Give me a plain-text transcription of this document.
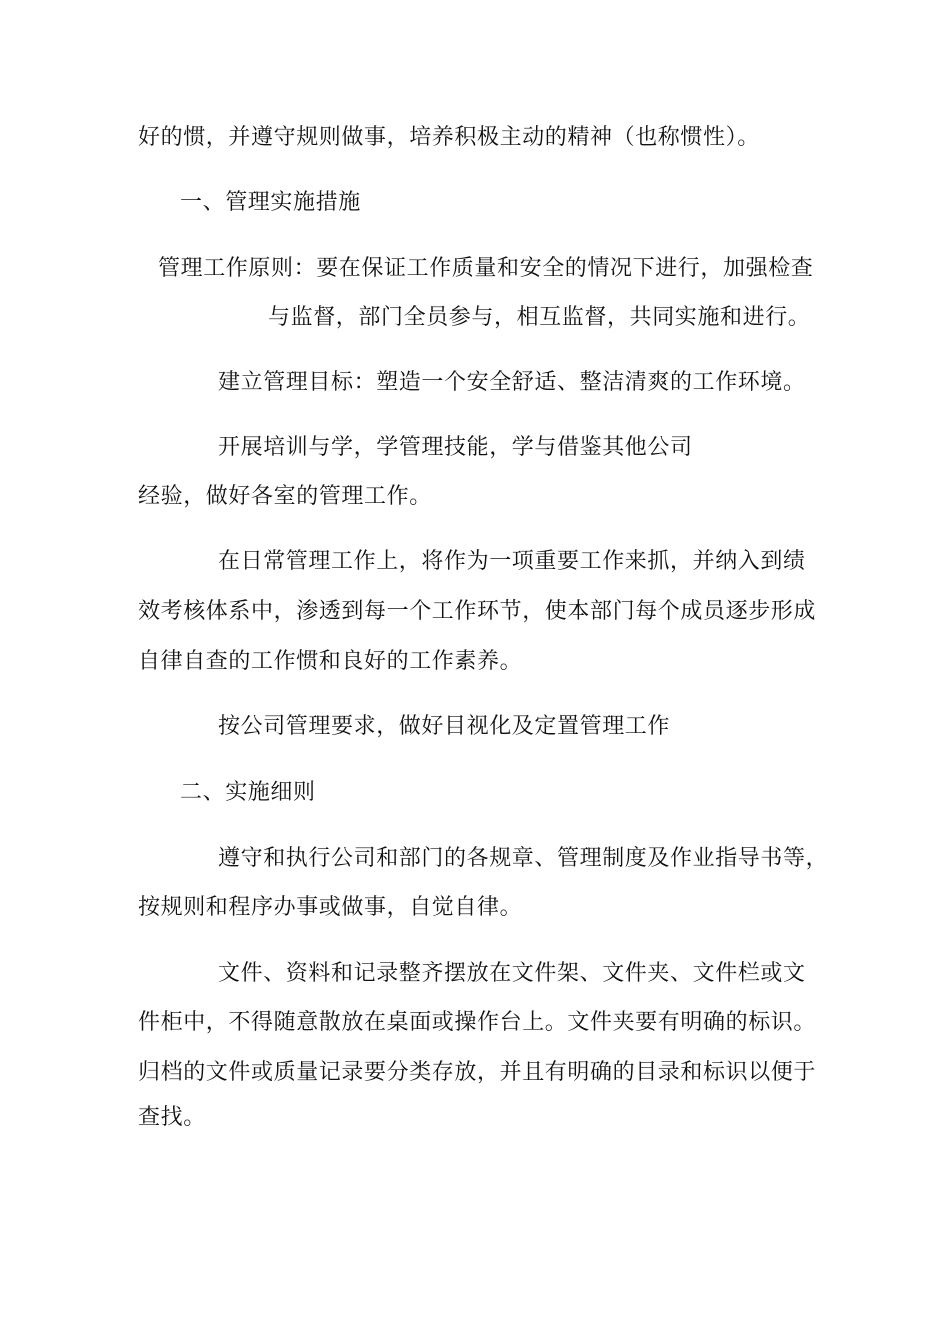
好的惯，并遵守规则做事，培养积极主动的精神（也称惯性）。
一、管理实施措施
管理工作原则：要在保证工作质量和安全的情况下进行，加强检查
与监督，部门全员参与，相互监督，共同实施和进行。
建立管理目标：塑造一个安全舒适、整洁清爽的工作环境。
开展培训与学，学管理技能，学与借鉴其他公司
经验，做好各室的管理工作。
在日常管理工作上，将作为一项重要工作来抓，并纳入到绩
效考核体系中，渗透到每一个工作环节，使本部门每个成员逐步形成
自律自查的工作惯和良好的工作素养。
按公司管理要求，做好目视化及定置管理工作
二、实施细则
遵守和执行公司和部门的各规章、管理制度及作业指导书等，
按规则和程序办事或做事，自觉自律。
文件、资料和记录整齐摆放在文件架、文件夹、文件栏或文
件柜中，不得随意散放在桌面或操作台上。文件夹要有明确的标识。
归档的文件或质量记录要分类存放，并且有明确的目录和标识以便于
查找。
